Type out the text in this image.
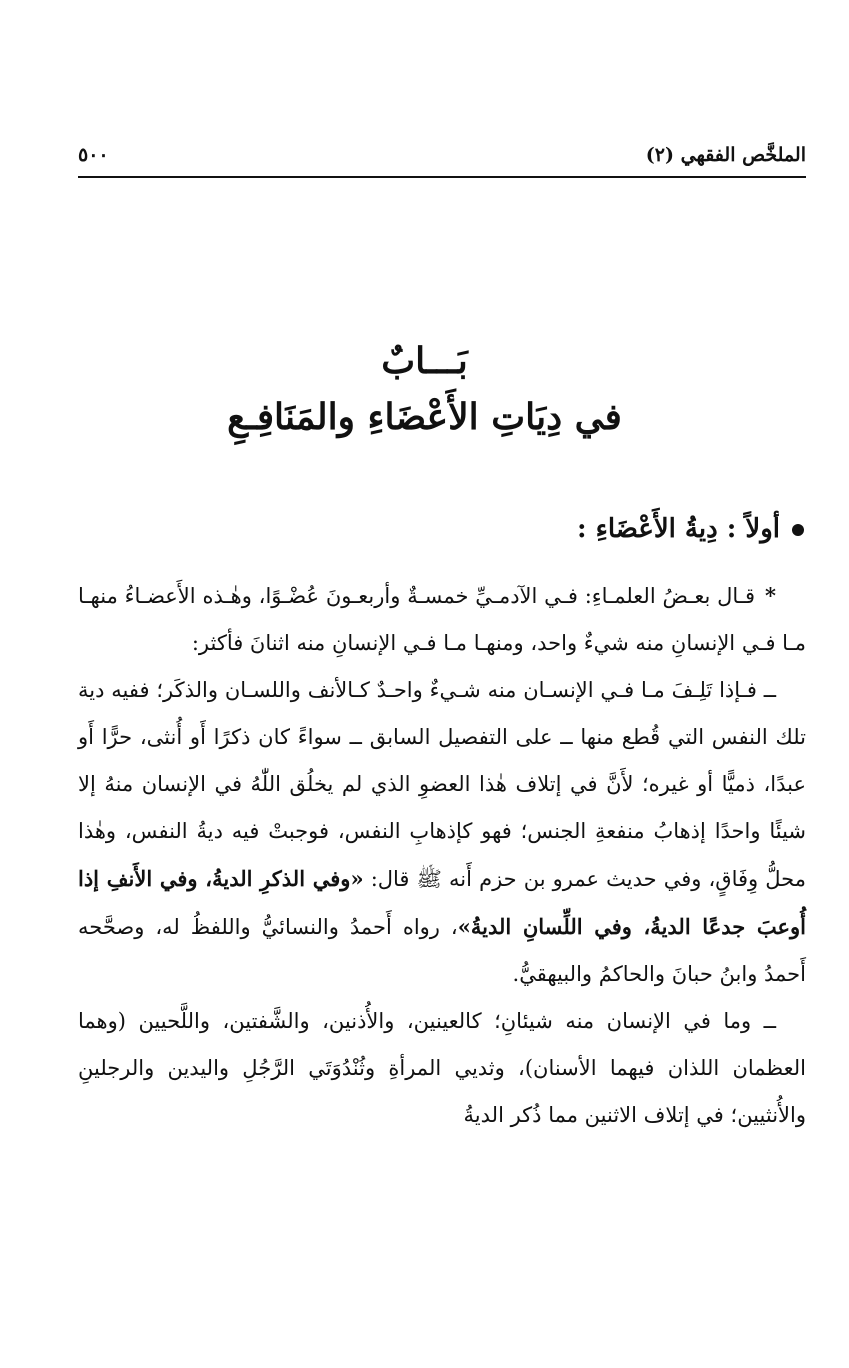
الملخَّص الفقهي (٢)
٥٠٠
بَـــابٌ
في دِيَاتِ الأَعْضَاءِ والمَنَافِـعِ
أولاً : دِيةُ الأَعْضَاءِ :

*قـال بعـضُ العلمـاءِ: فـي الآدمـيِّ خمسـةٌ وأربعـونَ عُضْـوًا، وهٰـذه الأَعضـاءُ منهـا مـا فـي الإنسانِ منه شيءٌ واحد، ومنهـا مـا فـي الإنسانِ منه اثنانَ فأكثر:

ــ فـإذا تَلِـفَ مـا فـي الإنسـان منه شـيءٌ واحـدٌ كـالأنف واللسـان والذكَر؛ ففيه دية تلك النفس التي قُطع منها ــ على التفصيل السابق ــ سواءً كان ذكرًا أَو أُنثى، حرًّا أَو عبدًا، ذميًّا أو غيره؛ لأَنَّ في إتلاف هٰذا العضوِ الذي لم يخلُق اللّٰهُ في الإنسان منهُ إلا شيئًا واحدًا إذهابُ منفعةِ الجنس؛ فهو كإذهابِ النفس، فوجبتْ فيه ديةُ النفس، وهٰذا محلُّ وِفَاقٍ، وفي حديث عمرو بن حزم أَنه ﷺ قال: «وفي الذكرِ الديةُ، وفي الأَنفِ إذا أُوعبَ جدعًا الديةُ، وفي اللِّسانِ الديةُ»، رواه أَحمدُ والنسائيُّ واللفظُ له، وصحَّحه أَحمدُ وابنُ حبانَ والحاكمُ والبيهقيُّ.

ــ وما في الإنسان منه شيئانِ؛ كالعينين، والأُذنين، والشَّفتين، واللَّحيين (وهما العظمان اللذان فيهما الأسنان)، وثديي المرأةِ وثُنْدُوَتَي الرَّجُلِ واليدين والرجلينِ والأُنثيين؛ في إتلاف الاثنين مما ذُكر الديةُ
